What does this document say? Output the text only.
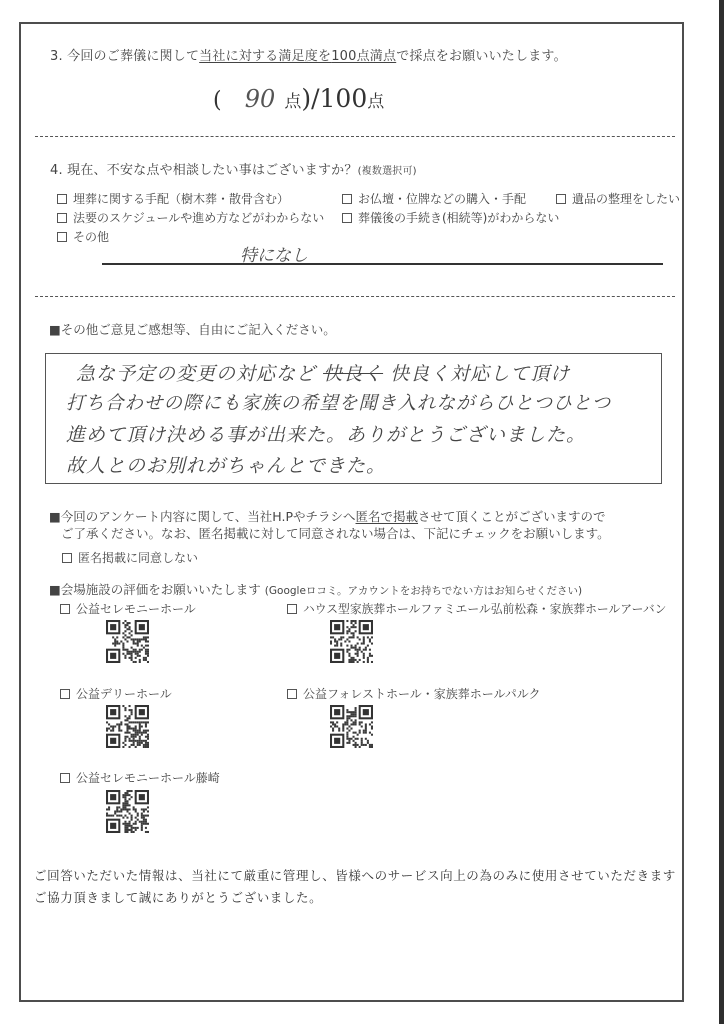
3. 今回のご葬儀に関して当社に対する満足度を100点満点で採点をお願いいたします。
( 90 点)/100点
4. 現在、不安な点や相談したい事はございますか？(複数選択可)
埋葬に関する手配（樹木葬・散骨含む）	お仏壇・位牌などの購入・手配	遺品の整理をしたい
法要のスケジュールや進め方などがわからない	葬儀後の手続き(相続等)がわからない
その他
特になし
■その他ご意見ご感想等、自由にご記入ください。
急な予定の変更の対応など 快良く 快良く対応して頂け
打ち合わせの際にも家族の希望を聞き入れながらひとつひとつ
進めて頂け決める事が出来た。ありがとうございました。
故人とのお別れがちゃんとできた。
■今回のアンケート内容に関して、当社H.Pやチラシへ匿名で掲載させて頂くことがございますので
ご了承ください。なお、匿名掲載に対して同意されない場合は、下記にチェックをお願いします。
匿名掲載に同意しない
■会場施設の評価をお願いいたします (Googleロコミ。アカウントをお持ちでない方はお知らせください)
公益セレモニーホール	ハウス型家族葬ホールファミエール弘前松森・家族葬ホールアーバン
公益デリーホール	公益フォレストホール・家族葬ホールパルク
公益セレモニーホール藤崎
ご回答いただいた情報は、当社にて厳重に管理し、皆様へのサービス向上の為のみに使用させていただきます
ご協力頂きまして誠にありがとうございました。
